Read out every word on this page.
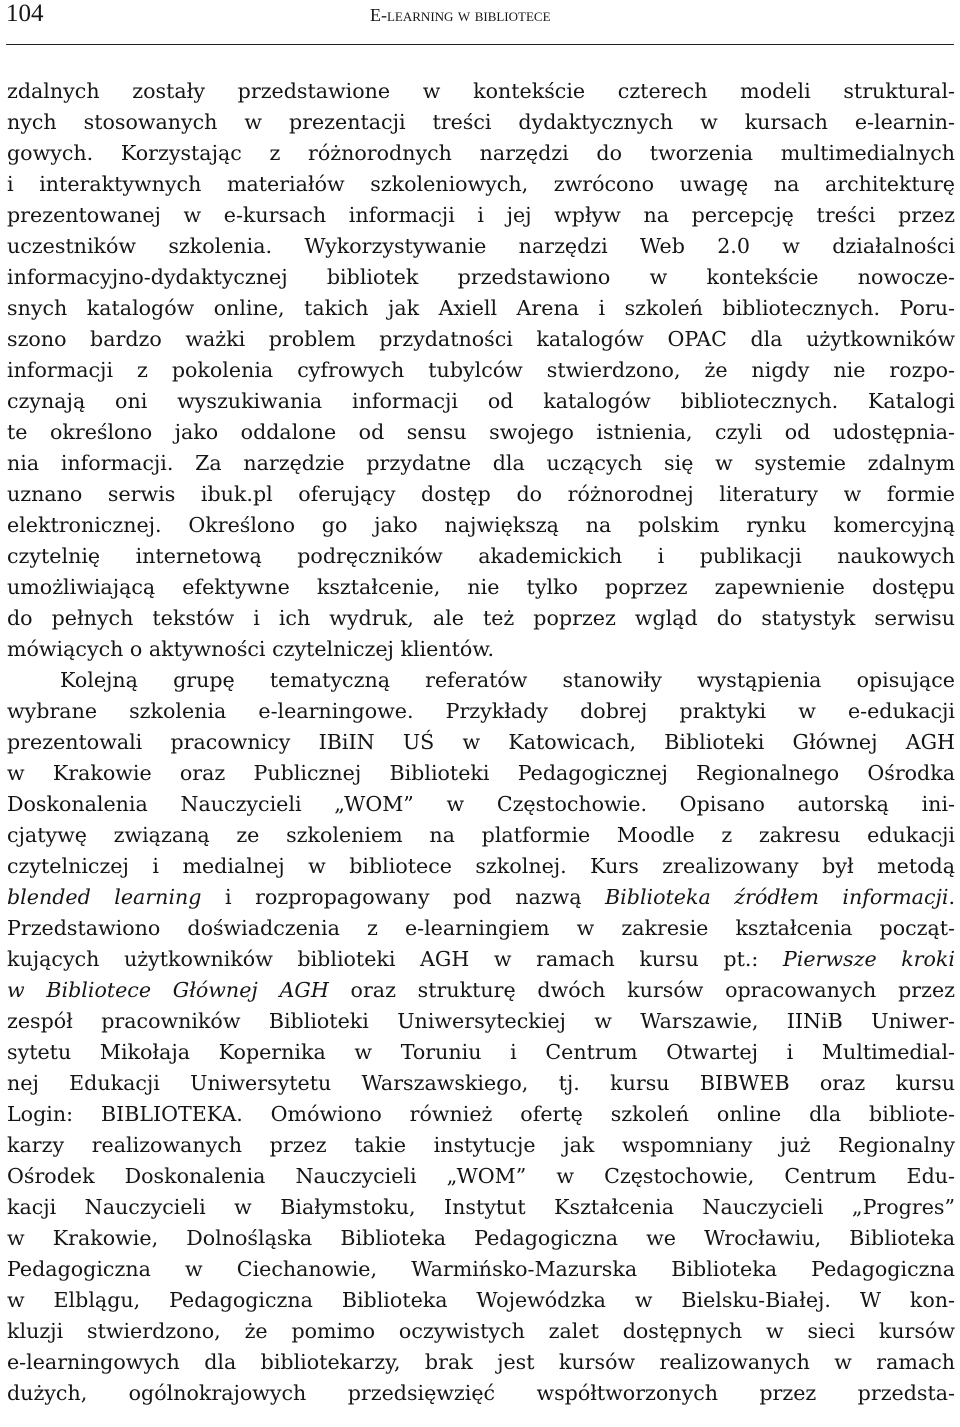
104	E-learning w bibliotece
zdalnych zostały przedstawione w kontekście czterech modeli struktural-
nych stosowanych w prezentacji treści dydaktycznych w kursach e-learnin-
gowych. Korzystając z różnorodnych narzędzi do tworzenia multimedialnych
i interaktywnych materiałów szkoleniowych, zwrócono uwagę na architekturę
prezentowanej w e-kursach informacji i jej wpływ na percepcję treści przez
uczestników szkolenia. Wykorzystywanie narzędzi Web 2.0 w działalności
informacyjno-dydaktycznej bibliotek przedstawiono w kontekście nowocze-
snych katalogów online, takich jak Axiell Arena i szkoleń bibliotecznych. Poru-
szono bardzo ważki problem przydatności katalogów OPAC dla użytkowników
informacji z pokolenia cyfrowych tubylców stwierdzono, że nigdy nie rozpo-
czynają oni wyszukiwania informacji od katalogów bibliotecznych. Katalogi
te określono jako oddalone od sensu swojego istnienia, czyli od udostępnia-
nia informacji. Za narzędzie przydatne dla uczących się w systemie zdalnym
uznano serwis ibuk.pl oferujący dostęp do różnorodnej literatury w formie
elektronicznej. Określono go jako największą na polskim rynku komercyjną
czytelnię internetową podręczników akademickich i publikacji naukowych
umożliwiającą efektywne kształcenie, nie tylko poprzez zapewnienie dostępu
do pełnych tekstów i ich wydruk, ale też poprzez wgląd do statystyk serwisu
mówiących o aktywności czytelniczej klientów.
Kolejną grupę tematyczną referatów stanowiły wystąpienia opisujące
wybrane szkolenia e-learningowe. Przykłady dobrej praktyki w e-edukacji
prezentowali pracownicy IBiIN UŚ w Katowicach, Biblioteki Głównej AGH
w Krakowie oraz Publicznej Biblioteki Pedagogicznej Regionalnego Ośrodka
Doskonalenia Nauczycieli „WOM” w Częstochowie. Opisano autorską ini-
cjatywę związaną ze szkoleniem na platformie Moodle z zakresu edukacji
czytelniczej i medialnej w bibliotece szkolnej. Kurs zrealizowany był metodą
blended learning i rozpropagowany pod nazwą Biblioteka źródłem informacji.
Przedstawiono doświadczenia z e-learningiem w zakresie kształcenia począt-
kujących użytkowników biblioteki AGH w ramach kursu pt.: Pierwsze kroki
w Bibliotece Głównej AGH oraz strukturę dwóch kursów opracowanych przez
zespół pracowników Biblioteki Uniwersyteckiej w Warszawie, IINiB Uniwer-
sytetu Mikołaja Kopernika w Toruniu i Centrum Otwartej i Multimedial-
nej Edukacji Uniwersytetu Warszawskiego, tj. kursu BIBWEB oraz kursu
Login: BIBLIOTEKA. Omówiono również ofertę szkoleń online dla bibliote-
karzy realizowanych przez takie instytucje jak wspomniany już Regionalny
Ośrodek Doskonalenia Nauczycieli „WOM” w Częstochowie, Centrum Edu-
kacji Nauczycieli w Białymstoku, Instytut Kształcenia Nauczycieli „Progres”
w Krakowie, Dolnośląska Biblioteka Pedagogiczna we Wrocławiu, Biblioteka
Pedagogiczna w Ciechanowie, Warmińsko-Mazurska Biblioteka Pedagogiczna
w Elblągu, Pedagogiczna Biblioteka Wojewódzka w Bielsku-Białej. W kon-
kluzji stwierdzono, że pomimo oczywistych zalet dostępnych w sieci kursów
e-learningowych dla bibliotekarzy, brak jest kursów realizowanych w ramach
dużych, ogólnokrajowych przedsięwzięć współtworzonych przez przedsta-
